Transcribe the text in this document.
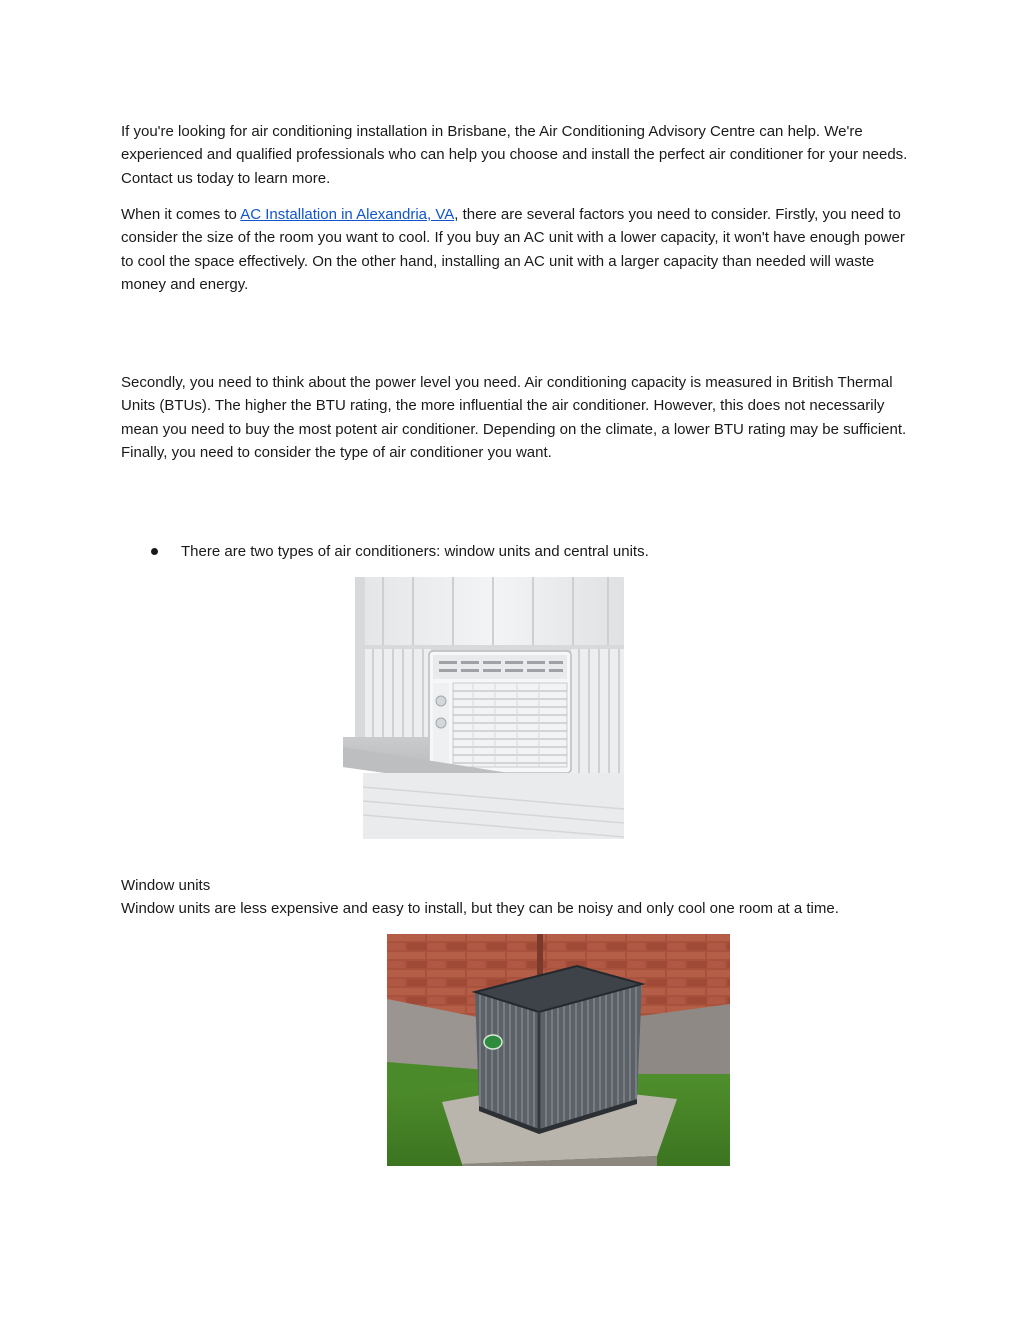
If you're looking for air conditioning installation in Brisbane, the Air Conditioning Advisory Centre can help. We're experienced and qualified professionals who can help you choose and install the perfect air conditioner for your needs. Contact us today to learn more.

When it comes to AC Installation in Alexandria, VA, there are several factors you need to consider. Firstly, you need to consider the size of the room you want to cool. If you buy an AC unit with a lower capacity, it won't have enough power to cool the space effectively. On the other hand, installing an AC unit with a larger capacity than needed will waste money and energy.

Secondly, you need to think about the power level you need. Air conditioning capacity is measured in British Thermal Units (BTUs). The higher the BTU rating, the more influential the air conditioner. However, this does not necessarily mean you need to buy the most potent air conditioner. Depending on the climate, a lower BTU rating may be sufficient. Finally, you need to consider the type of air conditioner you want.

There are two types of air conditioners: window units and central units.
Window units
Window units are less expensive and easy to install, but they can be noisy and only cool one room at a time.
